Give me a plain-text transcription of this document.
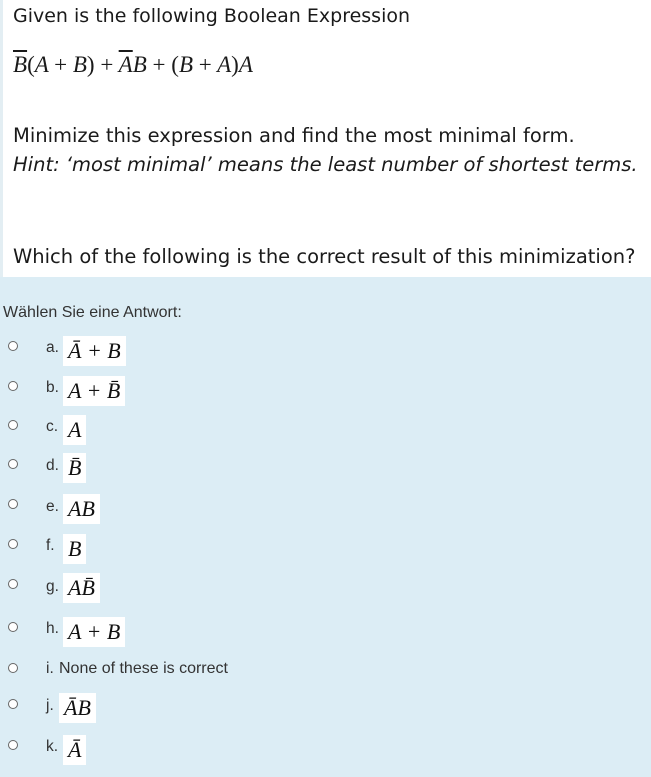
Given is the following Boolean Expression
$\overline{B}(A + B) + \overline{A}B + (B + A)A$
Minimize this expression and find the most minimal form.
Hint: ‘most minimal’ means the least number of shortest terms.
Which of the following is the correct result of this minimization?
Wählen Sie eine Antwort:
a. Ā + B
b. A + B̄
c. A
d. B̄
e. AB
f. B
g. AB̄
h. A + B
i. None of these is correct
j. ĀB
k. Ā
